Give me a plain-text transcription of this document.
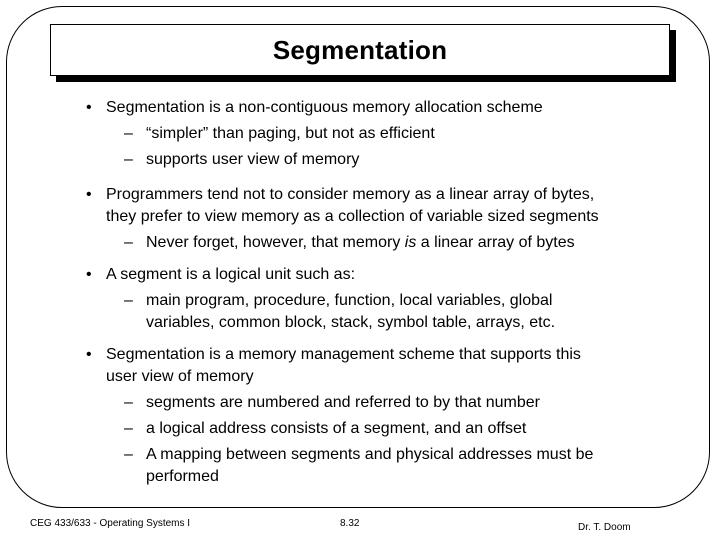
Segmentation
• Segmentation is a non-contiguous memory allocation scheme
– “simpler” than paging, but not as efficient
– supports user view of memory
• Programmers tend not to consider memory as a linear array of bytes,
they prefer to view memory as a collection of variable sized segments
– Never forget, however, that memory is a linear array of bytes
• A segment is a logical unit such as:
– main program, procedure, function, local variables, global
variables, common block, stack, symbol table, arrays, etc.
• Segmentation is a memory management scheme that supports this
user view of memory
– segments are numbered and referred to by that number
– a logical address consists of a segment, and an offset
– A mapping between segments and physical addresses must be
performed
CEG 433/633 - Operating Systems I	8.32	Dr. T. Doom
